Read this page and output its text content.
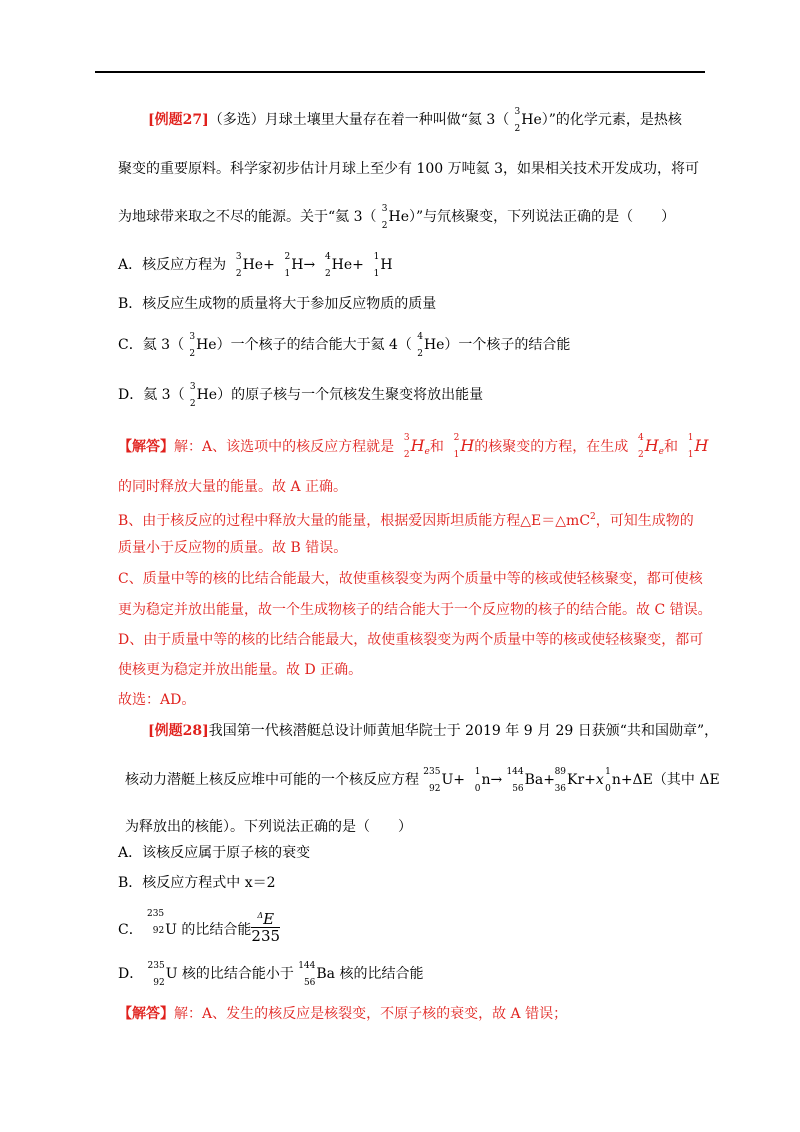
[例题27]（多选）月球土壤里大量存在着一种叫做“氦 3（ 3
2
He）”的化学元素，是热核
聚变的重要原料。科学家初步估计月球上至少有 100 万吨氦 3，如果相关技术开发成功，将可
为地球带来取之不尽的能源。关于“氦 3（ 3
2
He）”与氘核聚变，下列说法正确的是（　　）
A．核反应方程为 3
2
He+ 2
1
H→ 4
2
He+ 1
1
H
B．核反应生成物的质量将大于参加反应物质的质量
C．氦 3（ 3
2
He）一个核子的结合能大于氦 4（ 4
2
He）一个核子的结合能
D．氦 3（ 3
2
He）的原子核与一个氘核发生聚变将放出能量
【解答】解：A、该选项中的核反应方程就是
3
2 $H_e$和
2
1 H的核聚变的方程，在生成
4
2 $H_e$和
1
1 H
的同时释放大量的能量。故 A 正确。
B、由于核反应的过程中释放大量的能量，根据爱因斯坦质能方程$\triangle E=\triangle mC^2$，可知生成物的
质量小于反应物的质量。故 B 错误。
C、质量中等的核的比结合能最大，故使重核裂变为两个质量中等的核或使轻核聚变，都可使核
更为稳定并放出能量，故一个生成物核子的结合能大于一个反应物的核子的结合能。故 C 错误。
D、由于质量中等的核的比结合能最大，故使重核裂变为两个质量中等的核或使轻核聚变，都可
使核更为稳定并放出能量。故 D 正确。
故选：AD。
[例题28]我国第一代核潜艇总设计师黄旭华院士于 2019 年 9 月 29 日获颁“共和国勋章”，
核动力潜艇上核反应堆中可能的一个核反应方程 235
92
U+ 1
0
n→ 144
56
Ba+ 89
36
Kr+x 1
0
n+ΔE（其中 ΔE
为释放出的核能）。下列说法正确的是（　　）
A．该核反应属于原子核的衰变
B．核反应方程式中 x＝2
C．
235
92 U 的比结合能 $\frac{^\Delta E}{235}$
D． 235
92
U 核的比结合能小于 144
56
Ba 核的比结合能
【解答】解：A、发生的核反应是核裂变，不原子核的衰变，故 A 错误；
